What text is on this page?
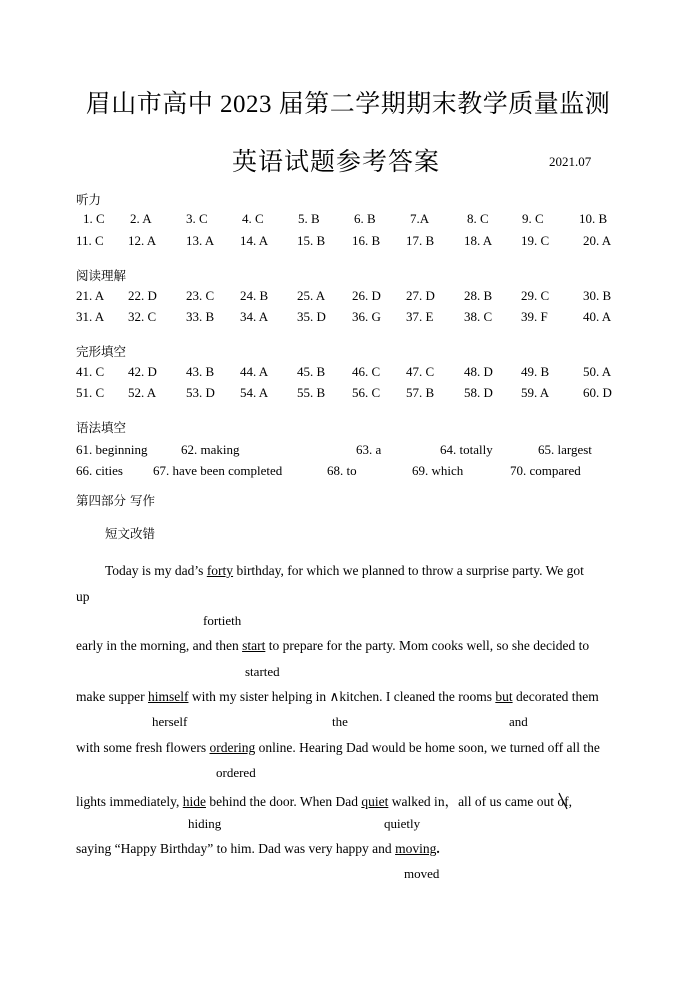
眉山市高中 2023 届第二学期期末教学质量监测
英语试题参考答案	2021.07
听力
1. C 2. A	3. C	4. C	5. B	6. B	7.A	8. C	9. C	10. B
11. C 12. A 13. A 14. A 15. B 16. B 17. B 18. A 19. C	20. A
阅读理解
21. A 22. D 23. C 24. B 25. A 26. D 27. D 28. B 29. C	30. B
31. A 32. C 33. B 34. A 35. D 36. G 37. E 38. C 39. F	40. A
完形填空
41. C 42. D 43. B 44. A 45. B 46. C 47. C 48. D 49. B	50. A
51. C 52. A 53. D 54. A 55. B 56. C 57. B 58. D 59. A	60. D
语法填空
61. beginning	62. making	63. a	64. totally	65. largest
66. cities 67. have been completed	68. to	69. which	70. compared
第四部分 写作
短文改错
Today is my dad’s forty birthday, for which we planned to throw a surprise party. We got
up
fortieth
early in the morning, and then start to prepare for the party. Mom cooks well, so she decided to
started
make supper himself with my sister helping in ∧kitchen. I cleaned the rooms but decorated them
herself	the	and
with some fresh flowers ordering online. Hearing Dad would be home soon, we turned off all the
ordered
lights immediately, hide behind the door. When Dad quiet walked in，all of us came out of
,
hiding	quietly
saying “Happy Birthday” to him. Dad was very happy and moving.
moved
